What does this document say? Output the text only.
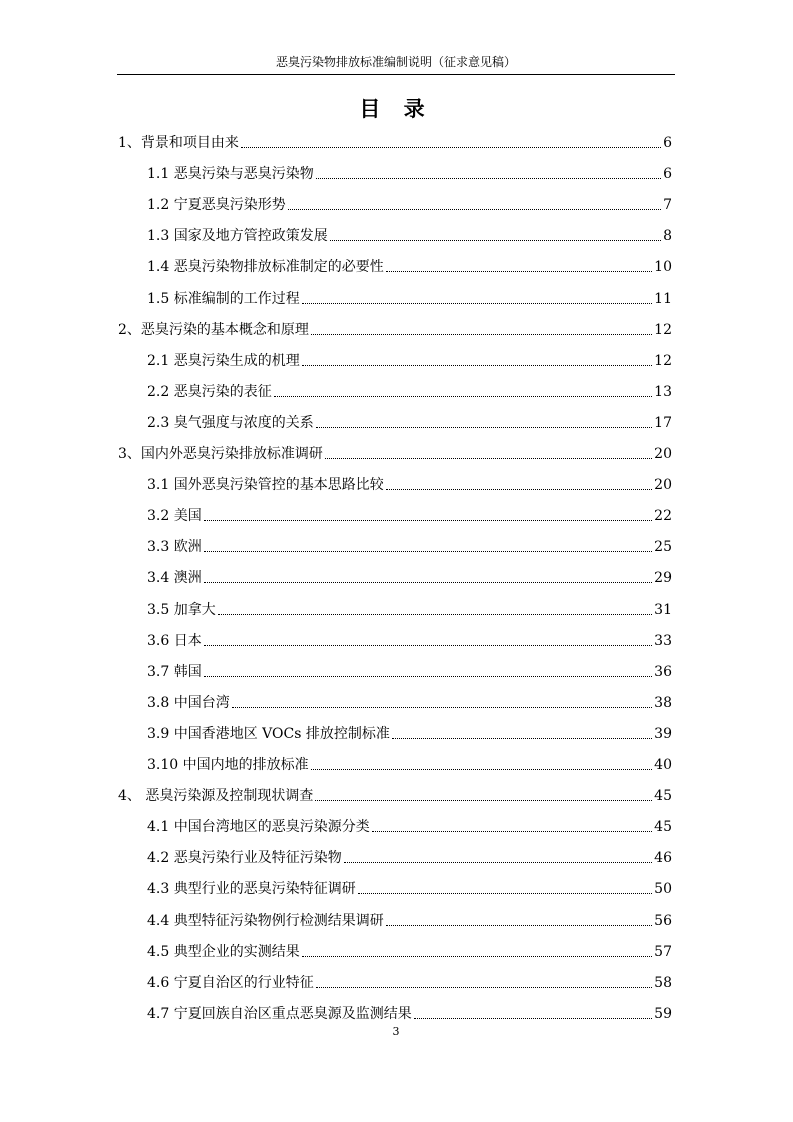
恶臭污染物排放标准编制说明（征求意见稿）
目 录
1、背景和项目由来	6
1.1 恶臭污染与恶臭污染物	6
1.2 宁夏恶臭污染形势	7
1.3 国家及地方管控政策发展	8
1.4 恶臭污染物排放标准制定的必要性	10
1.5 标准编制的工作过程	11
2、恶臭污染的基本概念和原理	12
2.1 恶臭污染生成的机理	12
2.2 恶臭污染的表征	13
2.3 臭气强度与浓度的关系	17
3、国内外恶臭污染排放标准调研	20
3.1 国外恶臭污染管控的基本思路比较	20
3.2 美国	22
3.3 欧洲	25
3.4 澳洲	29
3.5 加拿大	31
3.6 日本	33
3.7 韩国	36
3.8 中国台湾	38
3.9 中国香港地区 VOCs 排放控制标准	39
3.10 中国内地的排放标准	40
4、 恶臭污染源及控制现状调查	45
4.1 中国台湾地区的恶臭污染源分类	45
4.2 恶臭污染行业及特征污染物	46
4.3 典型行业的恶臭污染特征调研	50
4.4 典型特征污染物例行检测结果调研	56
4.5 典型企业的实测结果	57
4.6 宁夏自治区的行业特征	58
4.7 宁夏回族自治区重点恶臭源及监测结果	59
3
